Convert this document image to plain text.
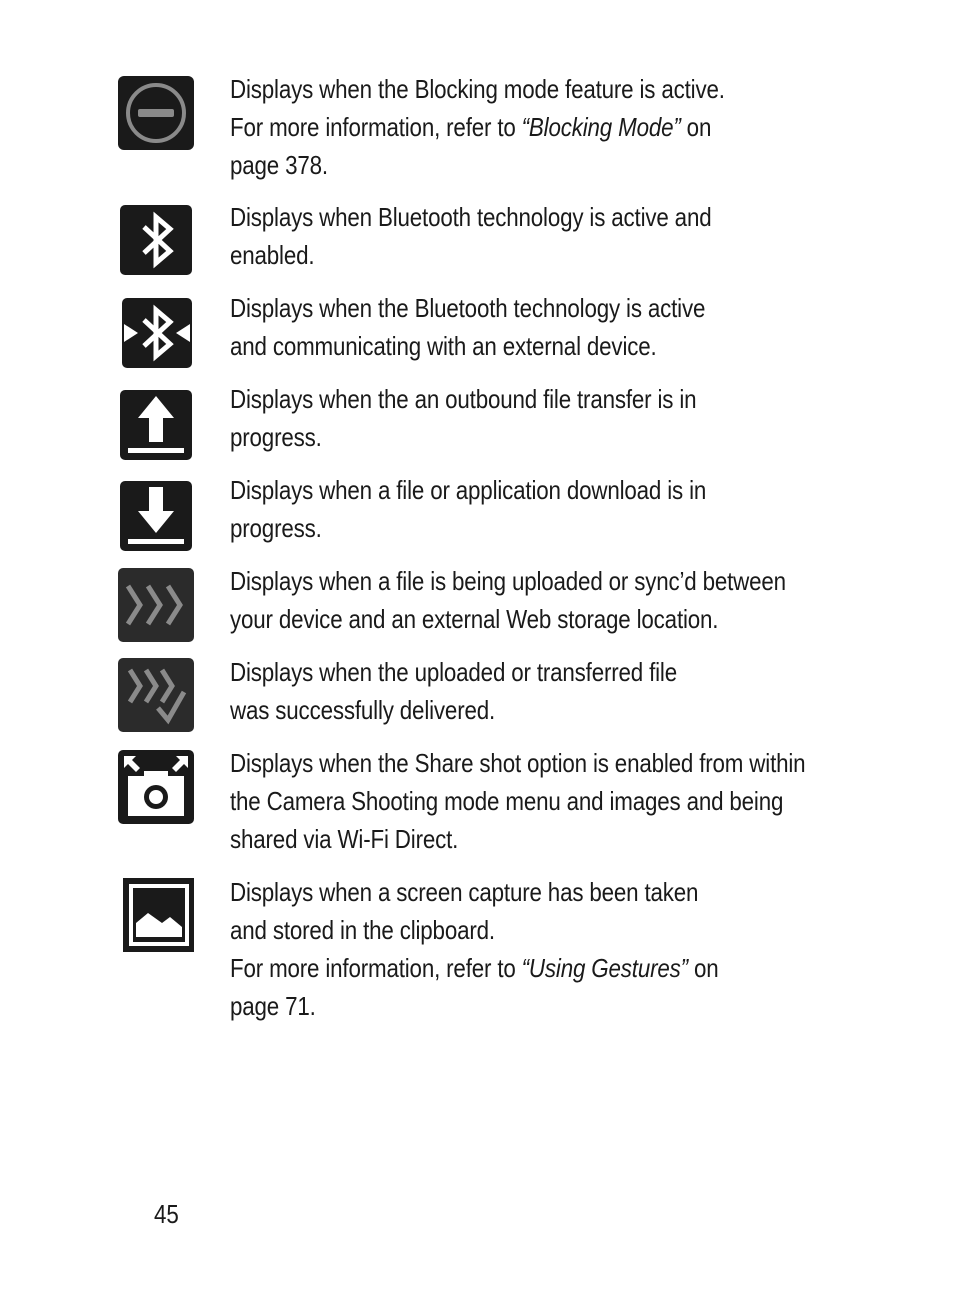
Displays when the Blocking mode feature is active.
For more information, refer to “Blocking Mode” on
page 378.
Displays when Bluetooth technology is active and
enabled.
Displays when the Bluetooth technology is active
and communicating with an external device.
Displays when the an outbound file transfer is in
progress.
Displays when a file or application download is in
progress.
Displays when a file is being uploaded or sync’d between
your device and an external Web storage location.
Displays when the uploaded or transferred file
was successfully delivered.
Displays when the Share shot option is enabled from within
the Camera Shooting mode menu and images and being
shared via Wi-Fi Direct.
Displays when a screen capture has been taken
and stored in the clipboard.
For more information, refer to “Using Gestures” on
page 71.
45
